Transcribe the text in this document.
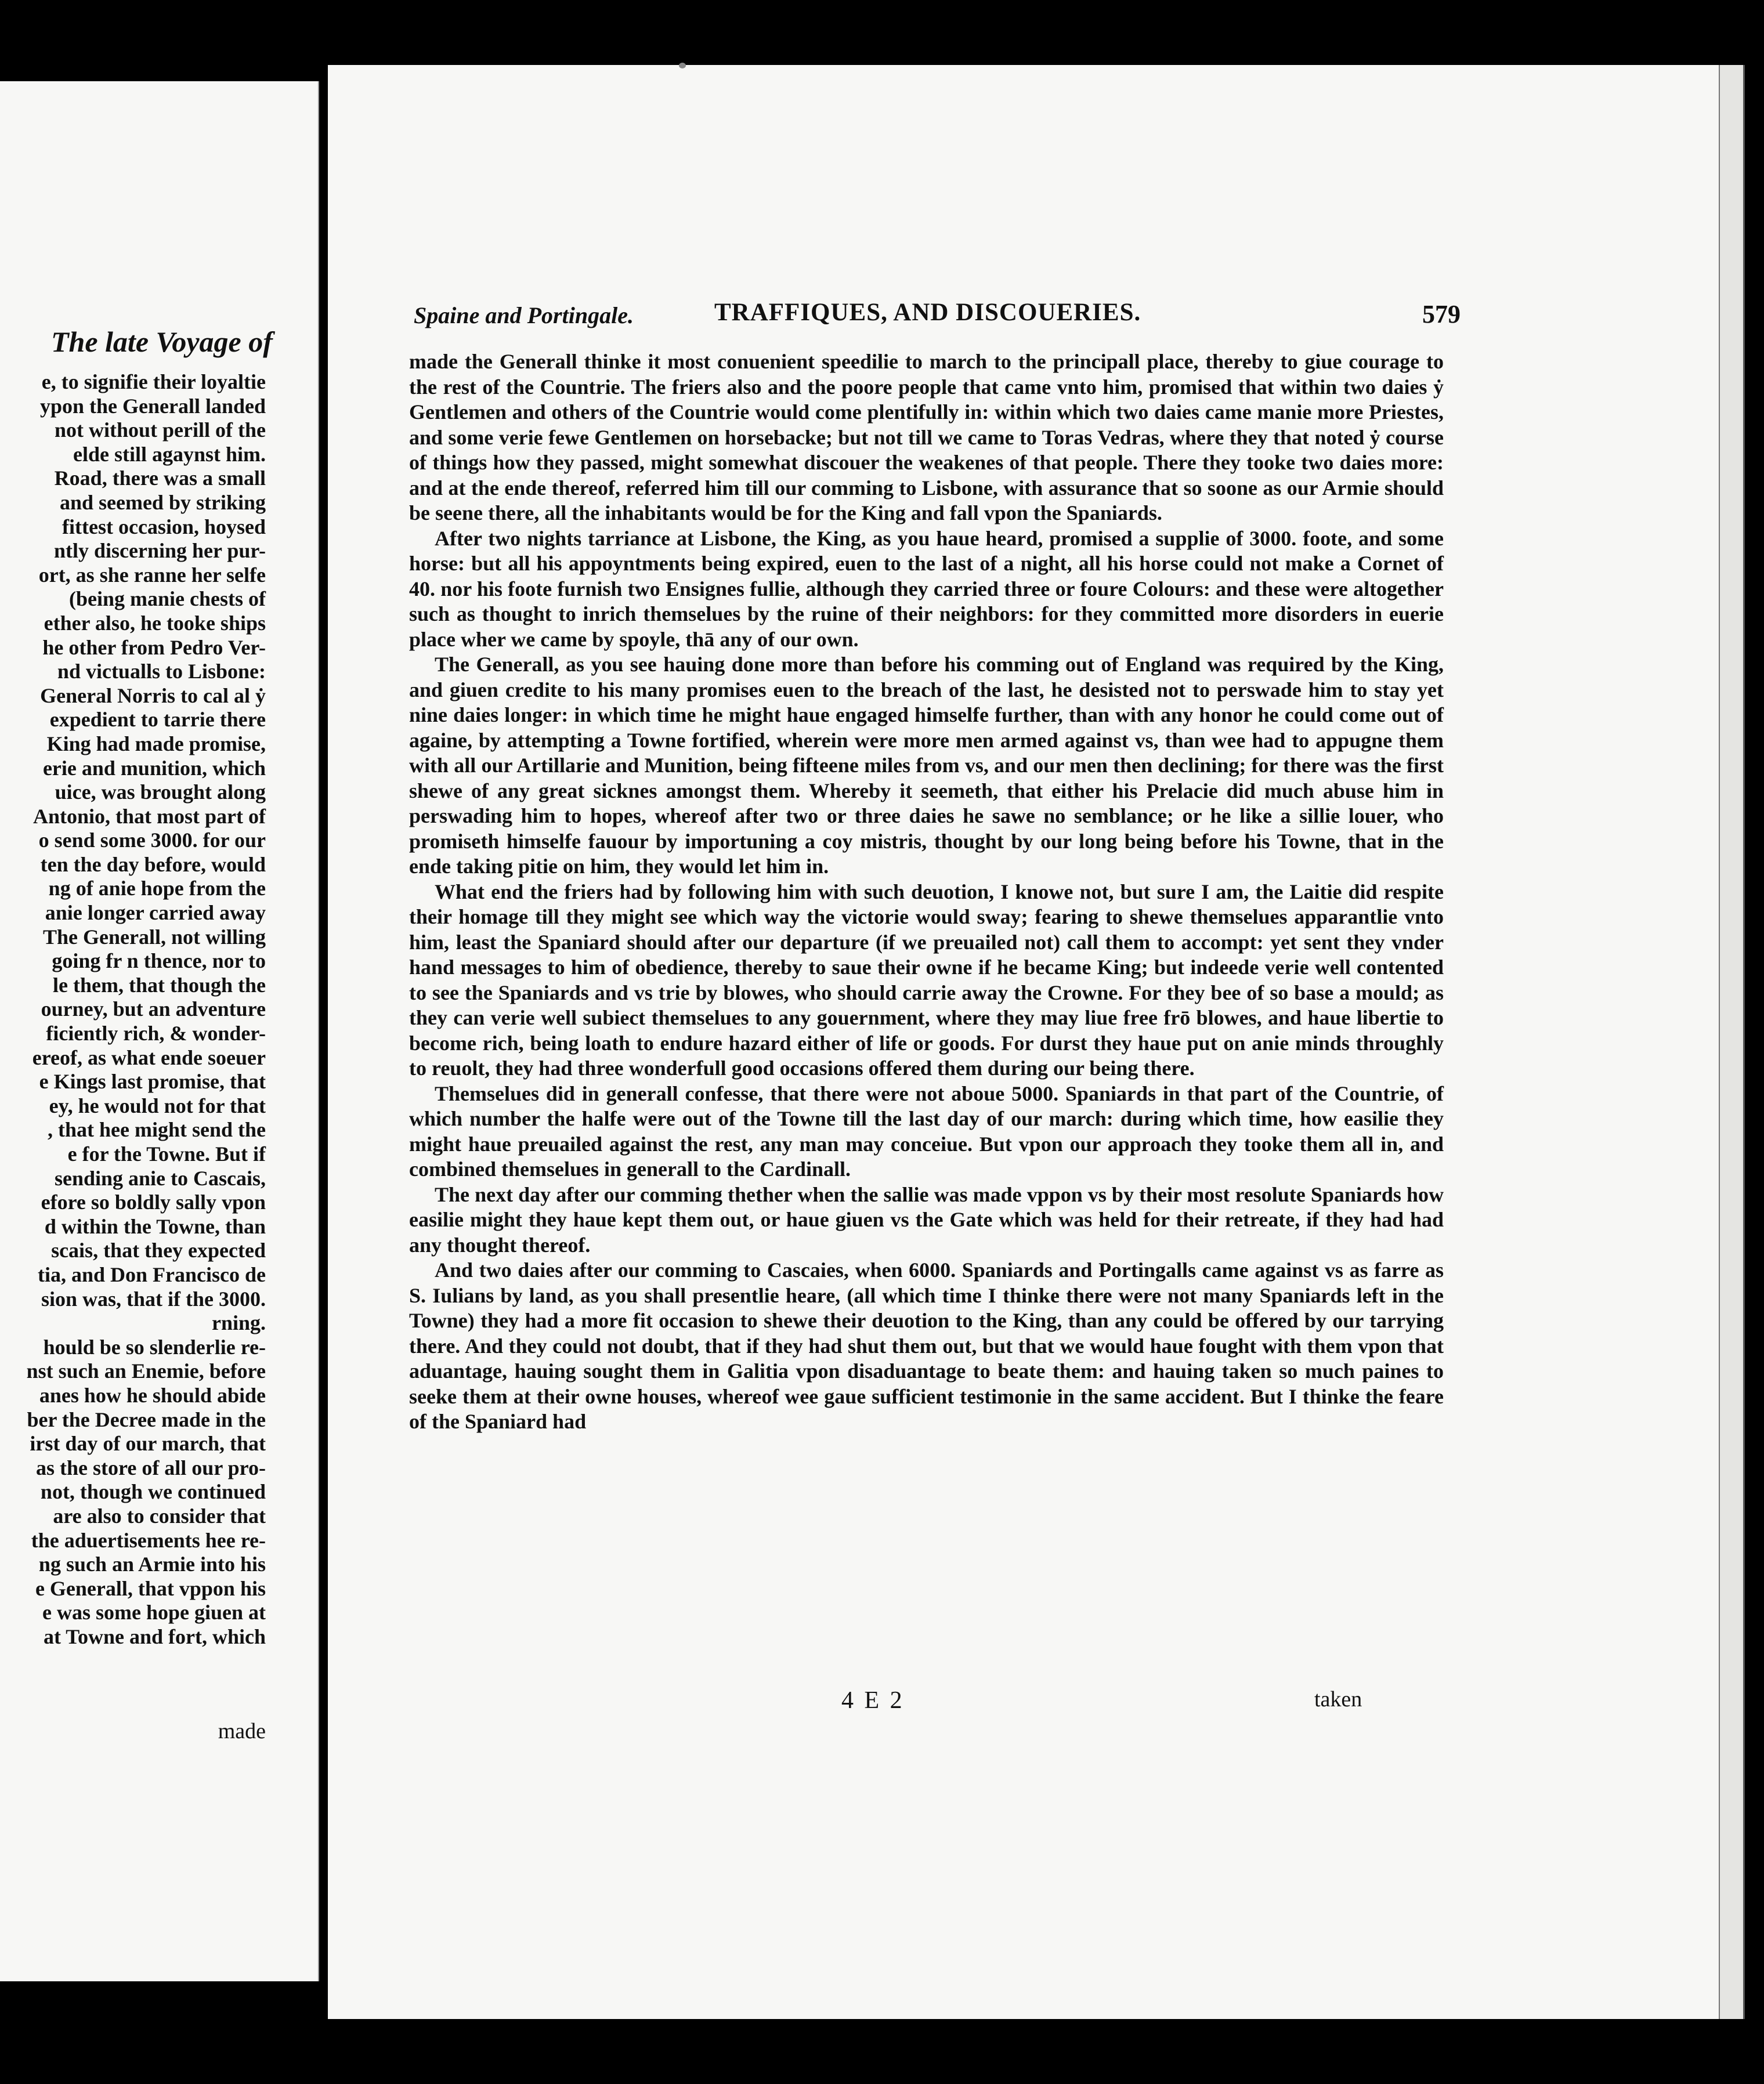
The late Voyage of
e, to signifie their loyaltie
ypon the Generall landed
not without perill of the
elde still agaynst him.
Road, there was a small
and seemed by striking
fittest occasion, hoysed
ntly discerning her pur-
ort, as she ranne her selfe
(being manie chests of
ether also, he tooke ships
he other from Pedro Ver-
nd victualls to Lisbone:
General Norris to cal al ẏ
expedient to tarrie there
King had made promise,
erie and munition, which
uice, was brought along
Antonio, that most part of
o send some 3000. for our
ten the day before, would
ng of anie hope from the
anie longer carried away
The Generall, not willing
going fr n thence, nor to
le them, that though the
ourney, but an adventure
ficiently rich, & wonder-
ereof, as what ende soeuer
e Kings last promise, that
ey, he would not for that
, that hee might send the
e for the Towne. But if
sending anie to Cascais,
efore so boldly sally vpon
d within the Towne, than
scais, that they expected
tia, and Don Francisco de
sion was, that if the 3000.
rning.
hould be so slenderlie re-
nst such an Enemie, before
anes how he should abide
ber the Decree made in the
irst day of our march, that
as the store of all our pro-
not, though we continued
are also to consider that
the aduertisements hee re-
ng such an Armie into his
e Generall, that vppon his
e was some hope giuen at
at Towne and fort, which
made
Spaine and Portingale.	TRAFFIQUES, AND DISCOUERIES.	579

made the Generall thinke it most conuenient speedilie to march to the principall place, thereby to giue courage to the rest of the Countrie. The friers also and the poore people that came vnto him, promised that within two daies ẏ Gentlemen and others of the Countrie would come plentifully in: within which two daies came manie more Priestes, and some verie fewe Gentlemen on horsebacke; but not till we came to Toras Vedras, where they that noted ẏ course of things how they passed, might somewhat discouer the weakenes of that people. There they tooke two daies more: and at the ende thereof, referred him till our comming to Lisbone, with assurance that so soone as our Armie should be seene there, all the inhabitants would be for the King and fall vpon the Spaniards.

After two nights tarriance at Lisbone, the King, as you haue heard, promised a supplie of 3000. foote, and some horse: but all his appoyntments being expired, euen to the last of a night, all his horse could not make a Cornet of 40. nor his foote furnish two Ensignes fullie, although they carried three or foure Colours: and these were altogether such as thought to inrich themselues by the ruine of their neighbors: for they committed more disorders in euerie place wher we came by spoyle, thā any of our own.

The Generall, as you see hauing done more than before his comming out of England was required by the King, and giuen credite to his many promises euen to the breach of the last, he desisted not to perswade him to stay yet nine daies longer: in which time he might haue engaged himselfe further, than with any honor he could come out of againe, by attempting a Towne fortified, wherein were more men armed against vs, than wee had to appugne them with all our Artillarie and Munition, being fifteene miles from vs, and our men then declining; for there was the first shewe of any great sicknes amongst them. Whereby it seemeth, that either his Prelacie did much abuse him in perswading him to hopes, whereof after two or three daies he sawe no semblance; or he like a sillie louer, who promiseth himselfe fauour by importuning a coy mistris, thought by our long being before his Towne, that in the ende taking pitie on him, they would let him in.

What end the friers had by following him with such deuotion, I knowe not, but sure I am, the Laitie did respite their homage till they might see which way the victorie would sway; fearing to shewe themselues apparantlie vnto him, least the Spaniard should after our departure (if we preuailed not) call them to accompt: yet sent they vnder hand messages to him of obedience, thereby to saue their owne if he became King; but indeede verie well contented to see the Spaniards and vs trie by blowes, who should carrie away the Crowne. For they bee of so base a mould; as they can verie well subiect themselues to any gouernment, where they may liue free frō blowes, and haue libertie to become rich, being loath to endure hazard either of life or goods. For durst they haue put on anie minds throughly to reuolt, they had three wonderfull good occasions offered them during our being there.

Themselues did in generall confesse, that there were not aboue 5000. Spaniards in that part of the Countrie, of which number the halfe were out of the Towne till the last day of our march: during which time, how easilie they might haue preuailed against the rest, any man may conceiue. But vpon our approach they tooke them all in, and combined themselues in generall to the Cardinall.

The next day after our comming thether when the sallie was made vppon vs by their most resolute Spaniards how easilie might they haue kept them out, or haue giuen vs the Gate which was held for their retreate, if they had had any thought thereof.

And two daies after our comming to Cascaies, when 6000. Spaniards and Portingalls came against vs as farre as S. Iulians by land, as you shall presentlie heare, (all which time I thinke there were not many Spaniards left in the Towne) they had a more fit occasion to shewe their deuotion to the King, than any could be offered by our tarrying there. And they could not doubt, that if they had shut them out, but that we would haue fought with them vpon that aduantage, hauing sought them in Galitia vpon disaduantage to beate them: and hauing taken so much paines to seeke them at their owne houses, whereof wee gaue sufficient testimonie in the same accident. But I thinke the feare of the Spaniard had

4 E 2	taken
